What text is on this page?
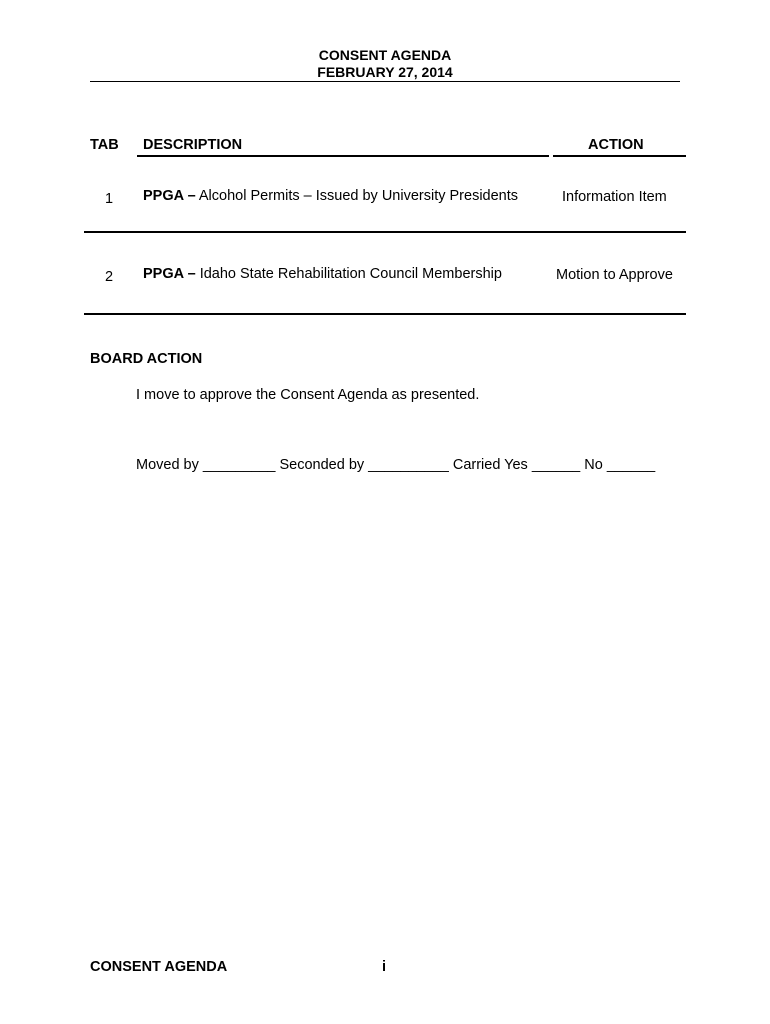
CONSENT AGENDA
FEBRUARY 27, 2014
TAB DESCRIPTION	ACTION
1 PPGA – Alcohol Permits – Issued by University Presidents	Information Item
2 PPGA – Idaho State Rehabilitation Council Membership	Motion to Approve
BOARD ACTION
I move to approve the Consent Agenda as presented.
Moved by _________ Seconded by __________ Carried Yes ______ No ______
CONSENT AGENDA	i
